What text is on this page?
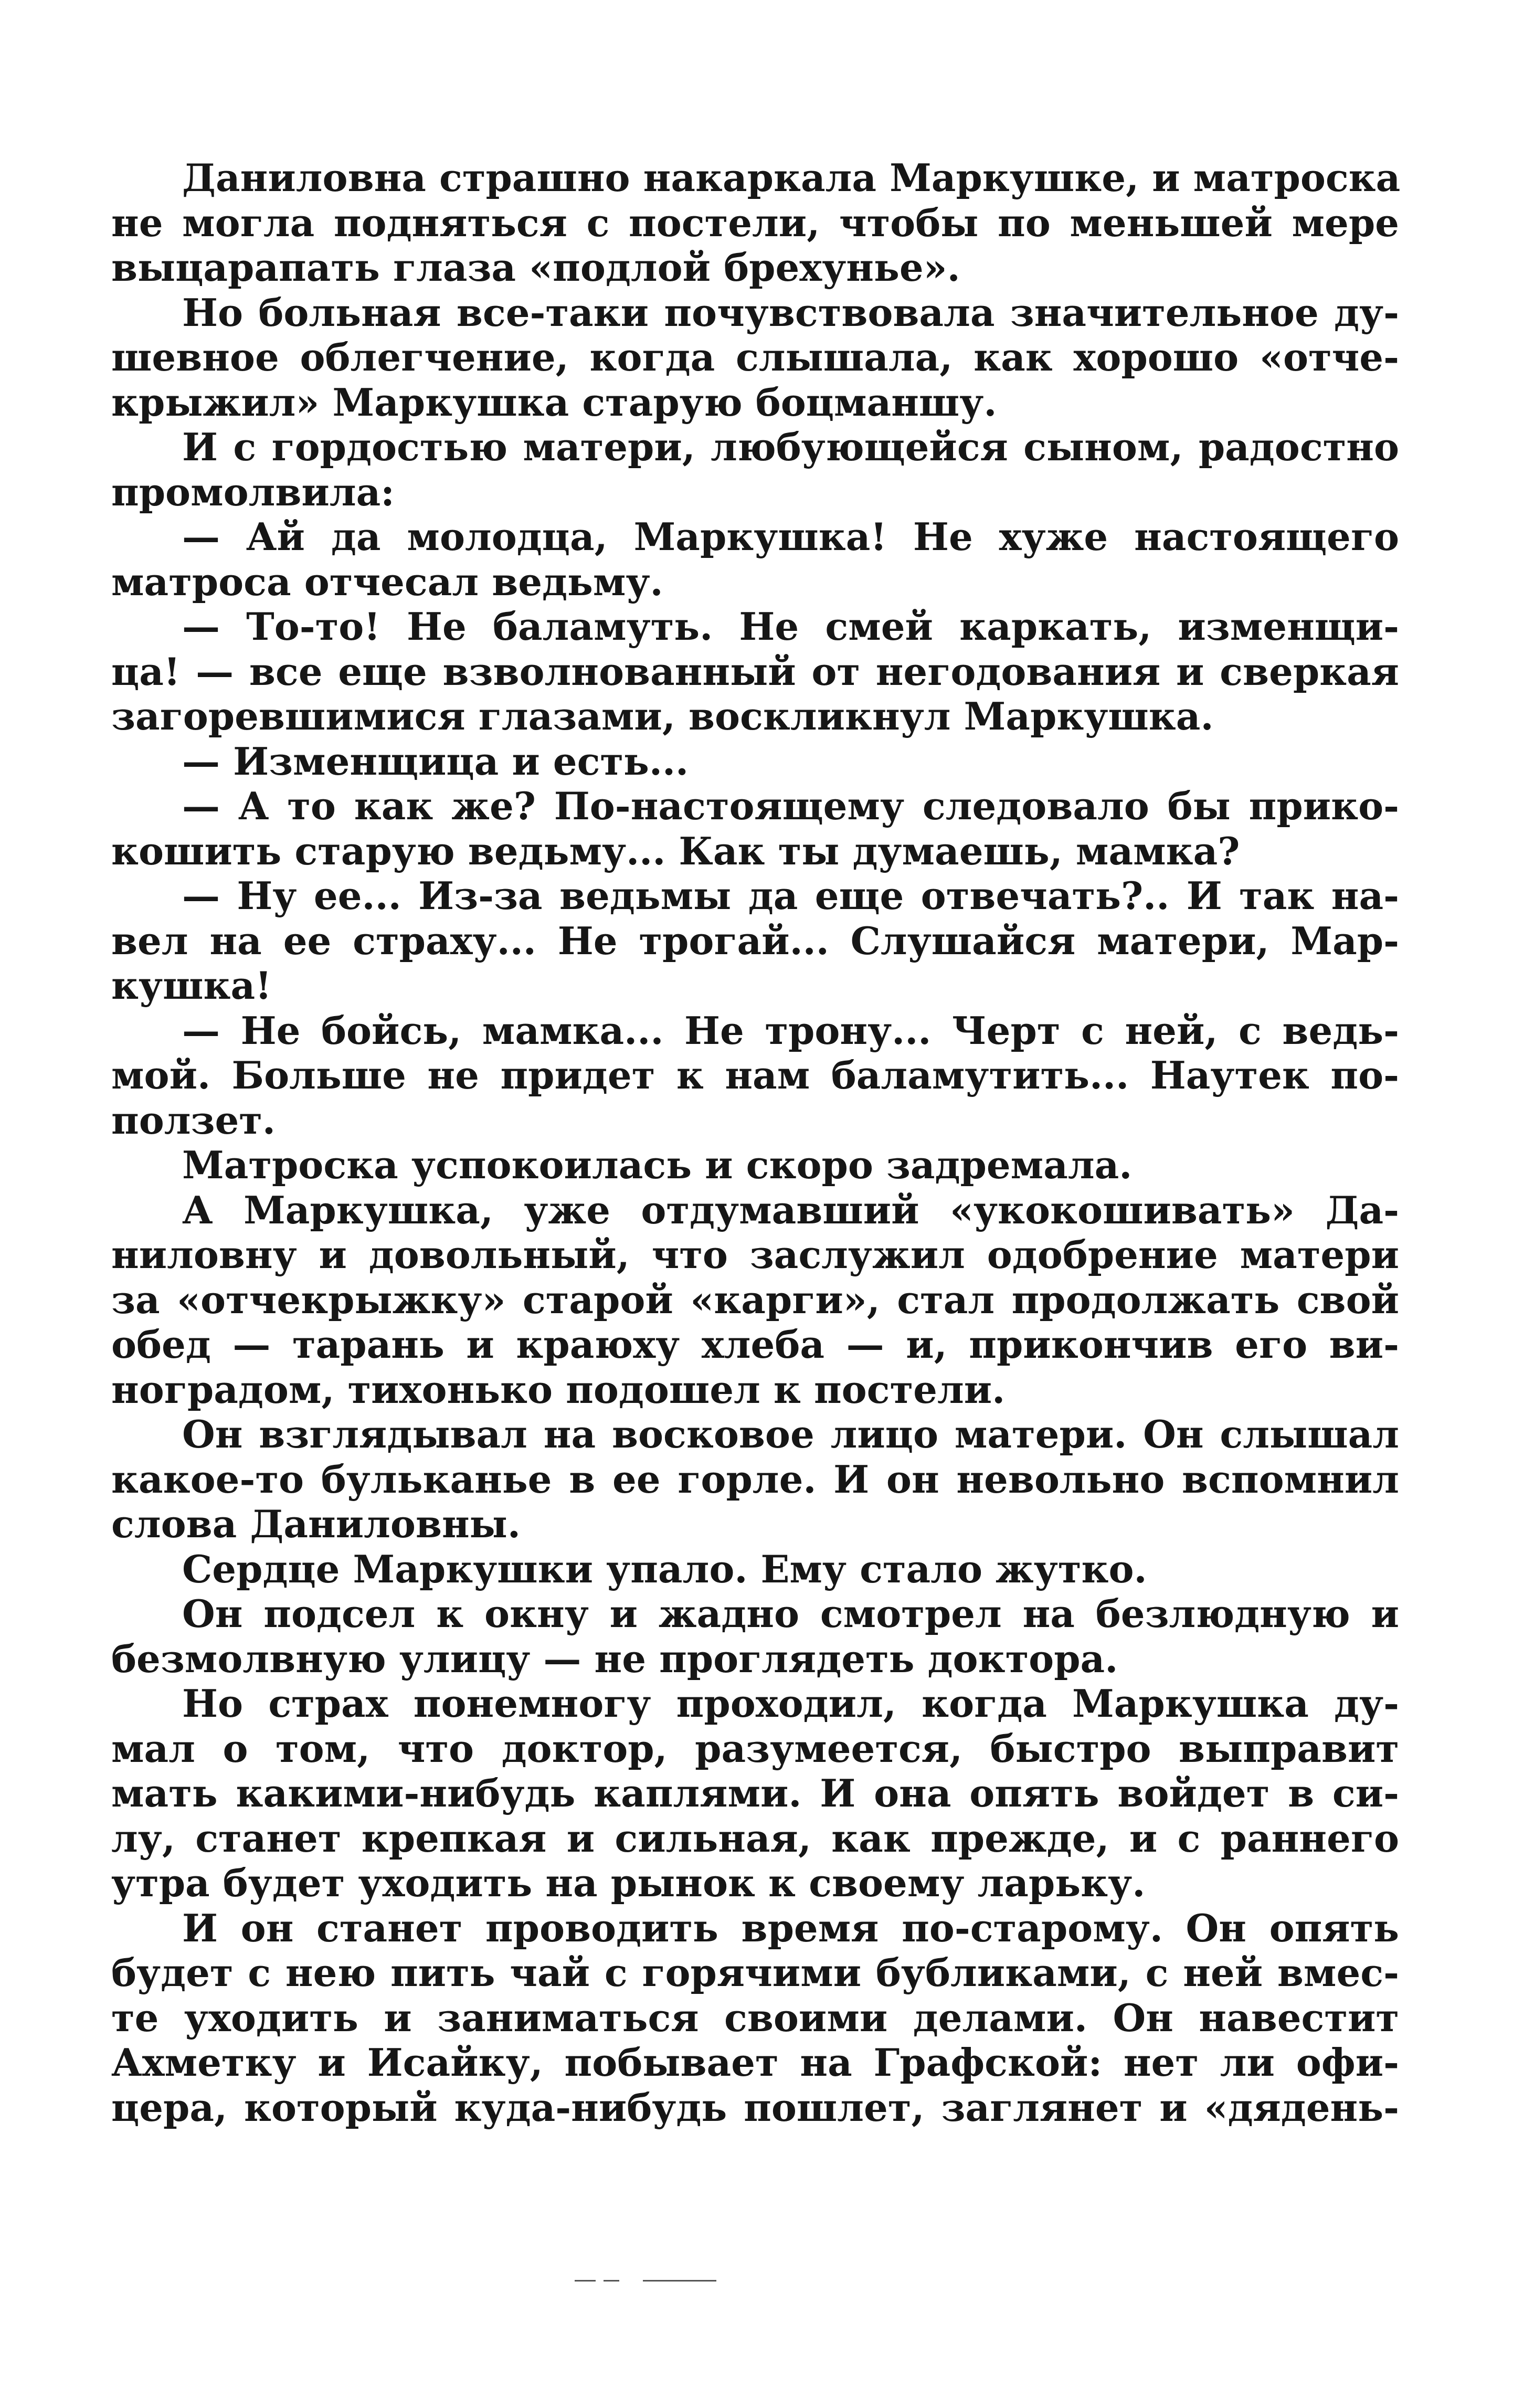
Даниловна страшно накаркала Маркушке, и матроска
не могла подняться с постели, чтобы по меньшей мере
выцарапать глаза «подлой брехунье».
Но больная все-таки почувствовала значительное ду-
шевное облегчение, когда слышала, как хорошо «отче-
крыжил» Маркушка старую боцманшу.
И с гордостью матери, любующейся сыном, радостно
промолвила:
— Ай да молодца, Маркушка! Не хуже настоящего
матроса отчесал ведьму.
— То-то! Не баламуть. Не смей каркать, изменщи-
ца! — все еще взволнованный от негодования и сверкая
загоревшимися глазами, воскликнул Маркушка.
— Изменщица и есть...
— А то как же? По-настоящему следовало бы прико-
кошить старую ведьму... Как ты думаешь, мамка?
— Ну ее... Из-за ведьмы да еще отвечать?.. И так на-
вел на ее страху... Не трогай... Слушайся матери, Мар-
кушка!
— Не бойсь, мамка... Не трону... Черт с ней, с ведь-
мой. Больше не придет к нам баламутить... Наутек по-
ползет.
Матроска успокоилась и скоро задремала.
А Маркушка, уже отдумавший «укокошивать» Да-
ниловну и довольный, что заслужил одобрение матери
за «отчекрыжку» старой «карги», стал продолжать свой
обед — тарань и краюху хлеба — и, прикончив его ви-
ноградом, тихонько подошел к постели.
Он взглядывал на восковое лицо матери. Он слышал
какое-то бульканье в ее горле. И он невольно вспомнил
слова Даниловны.
Сердце Маркушки упало. Ему стало жутко.
Он подсел к окну и жадно смотрел на безлюдную и
безмолвную улицу — не проглядеть доктора.
Но страх понемногу проходил, когда Маркушка ду-
мал о том, что доктор, разумеется, быстро выправит
мать какими-нибудь каплями. И она опять войдет в си-
лу, станет крепкая и сильная, как прежде, и с раннего
утра будет уходить на рынок к своему ларьку.
И он станет проводить время по-старому. Он опять
будет с нею пить чай с горячими бубликами, с ней вмес-
те уходить и заниматься своими делами. Он навестит
Ахметку и Исайку, побывает на Графской: нет ли офи-
цера, который куда-нибудь пошлет, заглянет и «дядень-
